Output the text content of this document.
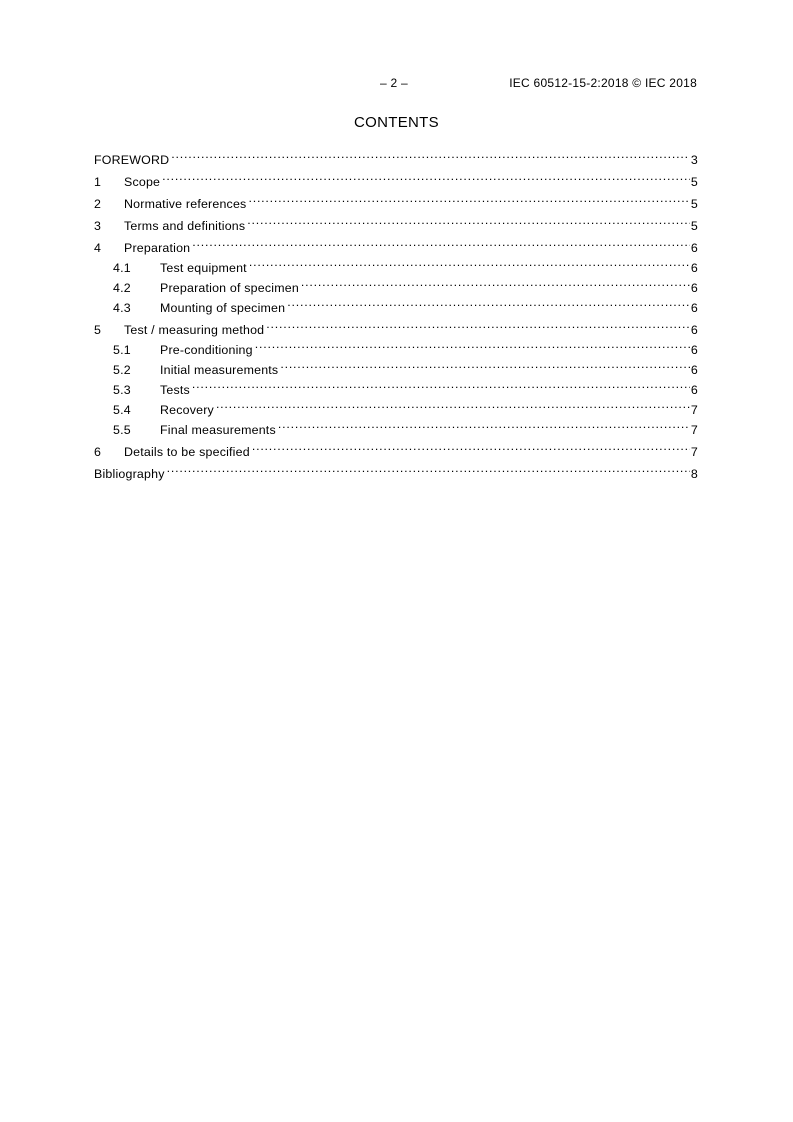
– 2 –	IEC 60512-15-2:2018 © IEC 2018
CONTENTS
FOREWORD .....	3
1	Scope .....	5
2	Normative references .....	5
3	Terms and definitions .....	5
4	Preparation .....	6
4.1	Test equipment .....	6
4.2	Preparation of specimen .....	6
4.3	Mounting of specimen .....	6
5	Test / measuring method .....	6
5.1	Pre-conditioning .....	6
5.2	Initial measurements .....	6
5.3	Tests .....	6
5.4	Recovery .....	7
5.5	Final measurements .....	7
6	Details to be specified .....	7
Bibliography .....	8
